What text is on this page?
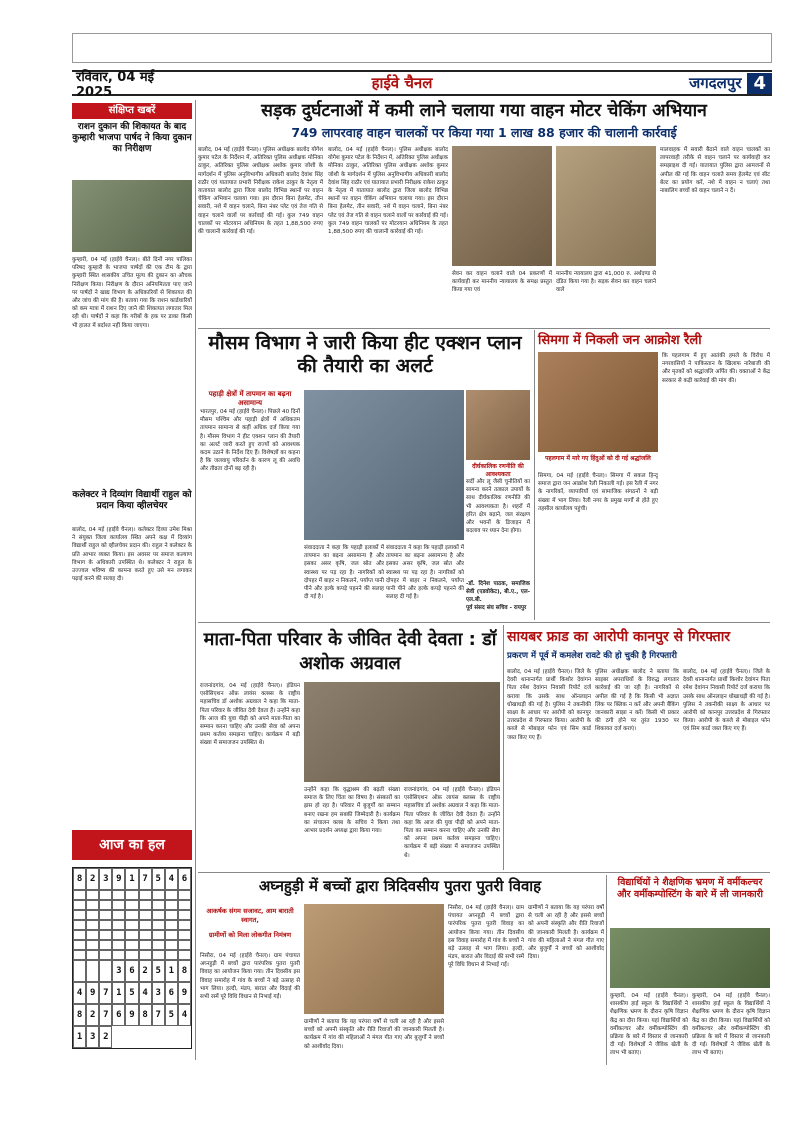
रविवार, 04 मई 2025	हाईवे चैनल	जगदलपुर 4
संक्षिप्त खबरें
राशन दुकान की शिकायत के बाद कुम्हारी भाजपा पार्षद ने किया दुकान का निरीक्षण
कुम्हारी, 04 मई (हाईवे चैनल)। बीते दिनों नगर पालिका परिषद कुम्हारी के भाजपा पार्षदों की एक टीम के द्वारा कुम्हारी स्थित शासकीय उचित मूल्य की दुकान का औचक निरीक्षण किया। निरीक्षण के दौरान अनियमितता पाए जाने पर पार्षदों ने खाद्य विभाग के अधिकारियों से शिकायत की और जांच की मांग की है। बताया गया कि राशन कार्डधारियों को कम मात्रा में राशन दिए जाने की शिकायत लगातार मिल रही थी। पार्षदों ने कहा कि गरीबों के हक पर डाका किसी भी हालत में बर्दाश्त नहीं किया जाएगा।
कलेक्टर ने दिव्यांग विद्यार्थी राहुल को प्रदान किया व्हीलचेयर
बालोद, 04 मई (हाईवे चैनल)। कलेक्टर दिव्या उमेश मिश्रा ने संयुक्त जिला कार्यालय स्थित अपने कक्ष में दिव्यांग विद्यार्थी राहुल को व्हीलचेयर प्रदान की। राहुल ने कलेक्टर के प्रति आभार व्यक्त किया। इस अवसर पर समाज कल्याण विभाग के अधिकारी उपस्थित थे। कलेक्टर ने राहुल के उज्ज्वल भविष्य की कामना करते हुए उसे मन लगाकर पढ़ाई करने की सलाह दी।
आज का हल
8 2 3 9 1 7 5 4 6
3 6 2 5 1 8
4 9 7 1 5 4 3 6 9
8 2 7 6 9 8 7 5 4
1 3 2
सड़क दुर्घटनाओं में कमी लाने चलाया गया वाहन मोटर चेकिंग अभियान
749 लापरवाह वाहन चालकों पर किया गया 1 लाख 88 हजार की चालानी कार्रवाई
बालोद, 04 मई (हाईवे चैनल)। पुलिस अधीक्षक बालोद योगेश कुमार पटेल के निर्देशन में, अतिरिक्त पुलिस अधीक्षक मोनिका ठाकुर, अतिरिक्त पुलिस अधीक्षक अशोक कुमार जोशी के मार्गदर्शन में पुलिस अनुविभागीय अधिकारी बालोद देवांश सिंह राठौर एवं यातायात प्रभारी निरीक्षक राकेश ठाकुर के नेतृत्व में यातायात बालोद द्वारा जिला बालोद विभिन्न स्थानों पर वाहन चेकिंग अभियान चलाया गया। इस दौरान बिना हेलमेट, तीन सवारी, नशे में वाहन चलाने, बिना नंबर प्लेट एवं तेज गति से वाहन चलाने वालों पर कार्रवाई की गई। कुल 749 वाहन चालकों पर मोटरयान अधिनियम के तहत 1,88,500 रुपए की चालानी कार्रवाई की गई।
बालोद, 04 मई (हाईवे चैनल)। पुलिस अधीक्षक बालोद योगेश कुमार पटेल के निर्देशन में, अतिरिक्त पुलिस अधीक्षक मोनिका ठाकुर, अतिरिक्त पुलिस अधीक्षक अशोक कुमार जोशी के मार्गदर्शन में पुलिस अनुविभागीय अधिकारी बालोद देवांश सिंह राठौर एवं यातायात प्रभारी निरीक्षक राकेश ठाकुर के नेतृत्व में यातायात बालोद द्वारा जिला बालोद विभिन्न स्थानों पर वाहन चेकिंग अभियान चलाया गया। इस दौरान बिना हेलमेट, तीन सवारी, नशे में वाहन चलाने, बिना नंबर प्लेट एवं तेज गति से वाहन चलाने वालों पर कार्रवाई की गई। कुल 749 वाहन चालकों पर मोटरयान अधिनियम के तहत 1,88,500 रुपए की चालानी कार्रवाई की गई।
सेवन कर वाहन चलाने वाले 04 प्रकरणों में कार्यवाही कर माननीय न्यायालय के समक्ष प्रस्तुत किया गया एवं
माननीय न्यायालय द्वारा 41,000 रु. अर्थदण्ड से दंडित किया गया है। सड़क सेवन कर वाहन चलाने वाले
मालवाहक में सवारी बैठाने वाले वाहन चालकों का लापरवाही तरीके से वाहन चलाने पर कार्यवाही कर समझाइश दी गई। यातायात पुलिस द्वारा आमजनों से अपील की गई कि वाहन चलाते समय हेलमेट एवं सीट बेल्ट का प्रयोग करें, नशे में वाहन न चलाएं तथा नाबालिग बच्चों को वाहन चलाने न दें।
मौसम विभाग ने जारी किया हीट एक्शन प्लान की तैयारी का अलर्ट
पहाड़ी क्षेत्रों में तापमान का बढ़ना असामान्य
भारतपुर, 04 मई (हाईवे चैनल)। पिछले 40 दिनों मौसम पश्चिम और पहाड़ी क्षेत्रों में अधिकतम तापमान सामान्य से कहीं अधिक दर्ज किया गया है। मौसम विभाग ने हीट एक्शन प्लान की तैयारी का अलर्ट जारी करते हुए राज्यों को आवश्यक कदम उठाने के निर्देश दिए हैं। विशेषज्ञों का कहना है कि जलवायु परिवर्तन के कारण लू की अवधि और तीव्रता दोनों बढ़ रही है।
संवाददाता ने कहा कि पहाड़ी इलाकों में तापमान का बढ़ना असामान्य है और इसका असर कृषि, जल स्रोत और स्वास्थ्य पर पड़ रहा है। नागरिकों को दोपहर में बाहर न निकलने, पर्याप्त पानी पीने और हल्के कपड़े पहनने की सलाह दी गई है।
संवाददाता ने कहा कि पहाड़ी इलाकों में तापमान का बढ़ना असामान्य है और इसका असर कृषि, जल स्रोत और स्वास्थ्य पर पड़ रहा है। नागरिकों को दोपहर में बाहर न निकलने, पर्याप्त पानी पीने और हल्के कपड़े पहनने की सलाह दी गई है।
दीर्घकालिक रणनीति की आवश्यकता
सर्दी और लू जैसी चुनौतियों का सामना करने तत्काल उपायों के साथ दीर्घकालिक रणनीति की भी आवश्यकता है। शहरों में हरित क्षेत्र बढ़ाने, जल संरक्षण और भवनों के डिजाइन में बदलाव पर ध्यान देना होगा।
-डॉ. दिनेश पाठक, समाजिक सेवी (एडवोकेट), बी.ए., एल-एल.बी.
पूर्व संसद संघ सचिव - रायपुर
सिमगा में निकली जन आक्रोश रैली
पहलगाम में मारे गए हिंदुओं को दी गई श्रद्धांजलि
सिमगा, 04 मई (हाईवे चैनल)। सिमगा में सकल हिन्दू समाज द्वारा जन आक्रोश रैली निकाली गई। इस रैली में नगर के नागरिकों, व्यापारियों एवं सामाजिक संगठनों ने बड़ी संख्या में भाग लिया। रैली नगर के प्रमुख मार्गों से होते हुए तहसील कार्यालय पहुंची।
कि पहलगाम में हुए आतंकी हमले के विरोध में नगरवासियों ने पाकिस्तान के खिलाफ नारेबाजी की और मृतकों को श्रद्धांजलि अर्पित की। वक्ताओं ने केंद्र सरकार से कड़ी कार्रवाई की मांग की।
माता-पिता परिवार के जीवित देवी देवता : डॉ अशोक अग्रवाल
राजनांदगांव, 04 मई (हाईवे चैनल)। इंडियन एसोसिएशन ऑफ़ लायंस क्लब्स के राष्ट्रीय महासचिव डॉ अशोक अग्रवाल ने कहा कि माता-पिता परिवार के जीवित देवी देवता हैं। उन्होंने कहा कि आज की युवा पीढ़ी को अपने माता-पिता का सम्मान करना चाहिए और उनकी सेवा को अपना प्रथम कर्तव्य समझना चाहिए। कार्यक्रम में बड़ी संख्या में समाजजन उपस्थित थे।
उन्होंने कहा कि वृद्धाश्रम की बढ़ती संख्या समाज के लिए चिंता का विषय है। संस्कारों का ह्रास हो रहा है। परिवार में बुजुर्गों का सम्मान बनाए रखना हम सबकी जिम्मेदारी है। कार्यक्रम का संचालन क्लब के सचिव ने किया तथा आभार प्रदर्शन अध्यक्ष द्वारा किया गया।
राजनांदगांव, 04 मई (हाईवे चैनल)। इंडियन एसोसिएशन ऑफ़ लायंस क्लब्स के राष्ट्रीय महासचिव डॉ अशोक अग्रवाल ने कहा कि माता-पिता परिवार के जीवित देवी देवता हैं। उन्होंने कहा कि आज की युवा पीढ़ी को अपने माता-पिता का सम्मान करना चाहिए और उनकी सेवा को अपना प्रथम कर्तव्य समझना चाहिए। कार्यक्रम में बड़ी संख्या में समाजजन उपस्थित थे।
सायबर फ्राड का आरोपी कानपुर से गिरफ्तार
प्रकरण में पूर्व में कमलेश रावटे की हो चुकी है गिरफ्तारी
बालोद, 04 मई (हाईवे चैनल)। जिले के देवरी थानान्तर्गत प्रार्थी किशोर देवांगन पिता रमेश देवांगन निवासी रिपोर्ट दर्ज कराया कि उसके साथ ऑनलाइन धोखाधड़ी की गई है। पुलिस ने तकनीकी साक्ष्य के आधार पर आरोपी को कानपुर उत्तरप्रदेश से गिरफ्तार किया। आरोपी के कब्जे से मोबाइल फोन एवं सिम कार्ड जब्त किए गए हैं।
पुलिस अधीक्षक बालोद ने बताया कि साइबर अपराधियों के विरुद्ध लगातार कार्रवाई की जा रही है। नागरिकों से अपील की गई है कि किसी भी अज्ञात लिंक पर क्लिक न करें और अपनी बैंकिंग जानकारी साझा न करें। किसी भी प्रकार की ठगी होने पर तुरंत 1930 पर शिकायत दर्ज कराएं।
बालोद, 04 मई (हाईवे चैनल)। जिले के देवरी थानान्तर्गत प्रार्थी किशोर देवांगन पिता रमेश देवांगन निवासी रिपोर्ट दर्ज कराया कि उसके साथ ऑनलाइन धोखाधड़ी की गई है। पुलिस ने तकनीकी साक्ष्य के आधार पर आरोपी को कानपुर उत्तरप्रदेश से गिरफ्तार किया। आरोपी के कब्जे से मोबाइल फोन एवं सिम कार्ड जब्त किए गए हैं।
अघ्नहुड़ी में बच्चों द्वारा त्रिदिवसीय पुतरा पुतरी विवाह
आकर्षक संगम सजावट, आम बाराती स्वागत,
ग्रामीणों को मिला लोकगीत निमंत्रण
निसौरा, 04 मई (हाईवे चैनल)। ग्राम पंचायत अघ्नहुड़ी में बच्चों द्वारा पारंपरिक पुतरा पुतरी विवाह का आयोजन किया गया। तीन दिवसीय इस विवाह समारोह में गांव के बच्चों ने बड़े उत्साह से भाग लिया। हल्दी, मंडप, बारात और विदाई की सभी रस्में पूरे विधि विधान से निभाई गईं।
ग्रामीणों ने बताया कि यह परंपरा वर्षों से चली आ रही है और इससे बच्चों को अपनी संस्कृति और रीति रिवाजों की जानकारी मिलती है। कार्यक्रम में गांव की महिलाओं ने मंगल गीत गाए और बुजुर्गों ने बच्चों को आशीर्वाद दिया।
निसौरा, 04 मई (हाईवे चैनल)। ग्राम पंचायत अघ्नहुड़ी में बच्चों द्वारा पारंपरिक पुतरा पुतरी विवाह का आयोजन किया गया। तीन दिवसीय इस विवाह समारोह में गांव के बच्चों ने बड़े उत्साह से भाग लिया। हल्दी, मंडप, बारात और विदाई की सभी रस्में पूरे विधि विधान से निभाई गईं।
ग्रामीणों ने बताया कि यह परंपरा वर्षों से चली आ रही है और इससे बच्चों को अपनी संस्कृति और रीति रिवाजों की जानकारी मिलती है। कार्यक्रम में गांव की महिलाओं ने मंगल गीत गाए और बुजुर्गों ने बच्चों को आशीर्वाद दिया।
विद्यार्थियों ने शैक्षणिक भ्रमण में वर्मीकल्चर और वर्मीकम्पोस्टिंग के बारे में ली जानकारी
कुम्हारी, 04 मई (हाईवे चैनल)। शासकीय हाई स्कूल के विद्यार्थियों ने शैक्षणिक भ्रमण के दौरान कृषि विज्ञान केंद्र का दौरा किया। यहां विद्यार्थियों को वर्मीकल्चर और वर्मीकम्पोस्टिंग की प्रक्रिया के बारे में विस्तार से जानकारी दी गई। विशेषज्ञों ने जैविक खेती के लाभ भी बताए।
कुम्हारी, 04 मई (हाईवे चैनल)। शासकीय हाई स्कूल के विद्यार्थियों ने शैक्षणिक भ्रमण के दौरान कृषि विज्ञान केंद्र का दौरा किया। यहां विद्यार्थियों को वर्मीकल्चर और वर्मीकम्पोस्टिंग की प्रक्रिया के बारे में विस्तार से जानकारी दी गई। विशेषज्ञों ने जैविक खेती के लाभ भी बताए।
